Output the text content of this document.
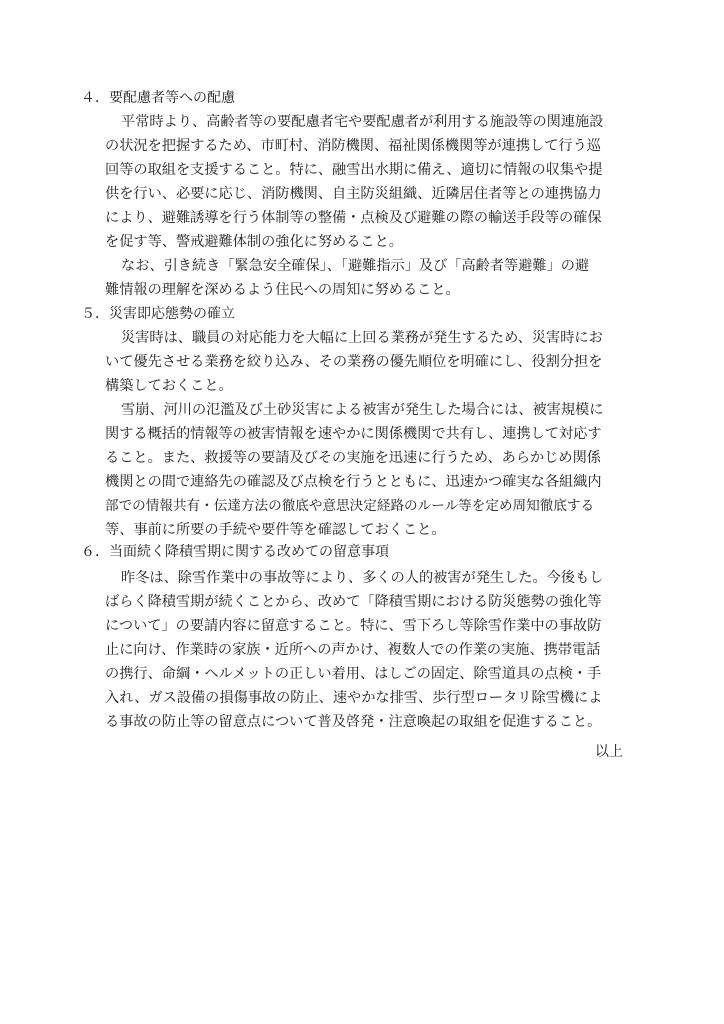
４．要配慮者等への配慮
平常時より、高齢者等の要配慮者宅や要配慮者が利用する施設等の関連施設
の状況を把握するため、市町村、消防機関、福祉関係機関等が連携して行う巡
回等の取組を支援すること。特に、融雪出水期に備え、適切に情報の収集や提
供を行い、必要に応じ、消防機関、自主防災組織、近隣居住者等との連携協力
により、避難誘導を行う体制等の整備・点検及び避難の際の輸送手段等の確保
を促す等、警戒避難体制の強化に努めること。
なお、引き続き「緊急安全確保」、「避難指示」及び「高齢者等避難」の避
難情報の理解を深めるよう住民への周知に努めること。
５．災害即応態勢の確立
災害時は、職員の対応能力を大幅に上回る業務が発生するため、災害時にお
いて優先させる業務を絞り込み、その業務の優先順位を明確にし、役割分担を
構築しておくこと。
雪崩、河川の氾濫及び土砂災害による被害が発生した場合には、被害規模に
関する概括的情報等の被害情報を速やかに関係機関で共有し、連携して対応す
ること。また、救援等の要請及びその実施を迅速に行うため、あらかじめ関係
機関との間で連絡先の確認及び点検を行うとともに、迅速かつ確実な各組織内
部での情報共有・伝達方法の徹底や意思決定経路のルール等を定め周知徹底する
等、事前に所要の手続や要件等を確認しておくこと。
６．当面続く降積雪期に関する改めての留意事項
昨冬は、除雪作業中の事故等により、多くの人的被害が発生した。今後もし
ばらく降積雪期が続くことから、改めて「降積雪期における防災態勢の強化等
について」の要請内容に留意すること。特に、雪下ろし等除雪作業中の事故防
止に向け、作業時の家族・近所への声かけ、複数人での作業の実施、携帯電話
の携行、命綱・ヘルメットの正しい着用、はしごの固定、除雪道具の点検・手
入れ、ガス設備の損傷事故の防止、速やかな排雪、歩行型ロータリ除雪機によ
る事故の防止等の留意点について普及啓発・注意喚起の取組を促進すること。
以上
